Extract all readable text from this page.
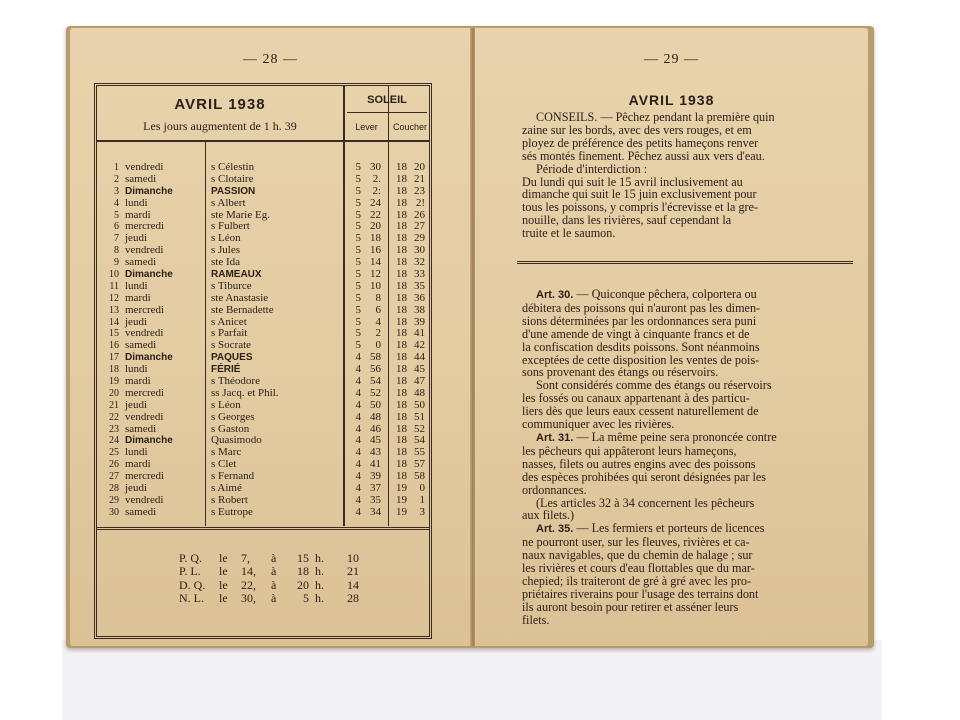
— 28 —
AVRIL 1938
Les jours augmentent de 1 h. 39
SOLEIL
Lever	Coucher
1 vendredi	s Célestin	5 30	18 20
2 samedi	s Clotaire	5	2.	18 21
3 Dimanche	PASSION	5	2:	18 23
4 lundi	s Albert	5 24	18 2!
5 mardi	ste Marie Eg.	5 22	18 26
6 mercredi	s Fulbert	5 20	18 27
7 jeudi	s Léon	5 18	18 29
8 vendredi	s Jules	5 16	18 30
9 samedi	ste Ida	5 14	18 32
10 Dimanche	RAMEAUX	5 12	18 33
11 lundi	s Tiburce	5 10	18 35
12 mardi	ste Anastasie	5	8	18 36
13 mercredi	ste Bernadette	5	6	18 38
14 jeudi	s Anicet	5	4	18 39
15 vendredi	s Parfait	5	2	18 41
16 samedi	s Socrate	5	0	18 42
17 Dimanche	PAQUES	4 58	18 44
18 lundi	FÉRIÉ	4 56	18 45
19 mardi	s Théodore	4 54	18 47
20 mercredi	ss Jacq. et Phil.	4 52	18 48
21 jeudi	s Léon	4 50	18 50
22 vendredi	s Georges	4 48	18 51
23 samedi	s Gaston	4 46	18 52
24 Dimanche	Quasimodo	4 45	18 54
25 lundi	s Marc	4 43	18 55
26 mardi	s Clet	4 41	18 57
27 mercredi	s Fernand	4 39	18 58
28 jeudi	s Aimé	4 37	19	0
29 vendredi	s Robert	4 35	19	1
30 samedi	s Eutrope	4 34	19	3
P. Q. le 7, à	15 h.	10
P. L. le 14, à	18 h.	21
D. Q. le 22, à	20 h.	14
N. L. le 30, à	5 h.	28
— 29 —
AVRIL 1938

CONSEILS. — Pêchez pendant la première quin

zaine sur les bords, avec des vers rouges, et em

ployez de préférence des petits hameçons renver

sés montés finement. Pêchez aussi aux vers d'eau.

Période d'interdiction :

Du lundi qui suit le 15 avril inclusivement au

dimanche qui suit le 15 juin exclusivement pour

tous les poissons, y compris l'écrevisse et la gre-

nouille, dans les rivières, sauf cependant la

truite et le saumon.

Art. 30. — Quiconque pêchera, colportera ou

débitera des poissons qui n'auront pas les dimen-

sions déterminées par les ordonnances sera puni

d'une amende de vingt à cinquante francs et de

la confiscation desdits poissons. Sont néanmoins

exceptées de cette disposition les ventes de pois-

sons provenant des étangs ou réservoirs.

Sont considérés comme des étangs ou réservoirs

les fossés ou canaux appartenant à des particu-

liers dès que leurs eaux cessent naturellement de

communiquer avec les rivières.

Art. 31. — La même peine sera prononcée contre

les pêcheurs qui appâteront leurs hameçons,

nasses, filets ou autres engins avec des poissons

des espèces prohibées qui seront désignées par les

ordonnances.

(Les articles 32 à 34 concernent les pêcheurs

aux filets.)

Art. 35. — Les fermiers et porteurs de licences

ne pourront user, sur les fleuves, rivières et ca-

naux navigables, que du chemin de halage ; sur

les rivières et cours d'eau flottables que du mar-

chepied; ils traiteront de gré à gré avec les pro-

priétaires riverains pour l'usage des terrains dont

ils auront besoin pour retirer et asséner leurs

filets.
